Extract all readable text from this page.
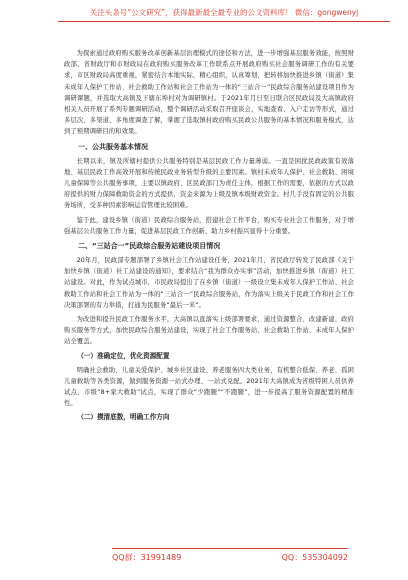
关注头条号“公文研究”，获得最新最全最专业的公文资料库！ 微信：gongwenyj

为探索通过政府购买服务改革创新基层治理模式的途径和方法，进一步增强基层服务效能，按照财政部、省财政厅和市财政局在政府购买服务改革工作联系点开展政府购买社会服务调研工作的有关要求，市区财政局高度重视，紧密结合本地实际，精心组织，认真筹划，把转移加快推进乡镇（街道）集未成年人保护工作站、社会救助工作站和社会工作站为一体的“三站合一”民政综合服务站建设项目作为调研课题，并选取大高镇及下辖东埠村对为调研镇村。于2021年月日至日联合区民政局及大高镇政府相关人员开展了系列专题调研活动，整个调研活动采取召开座谈会、实地查看、入户走访等形式，通过多层次、多渠道、多角度调查了解，掌握了选取镇村政府购买民政公共服务的基本情况和服务模式，达到了预期调研目的和效果。

一、公共服务基本情况

长期以来，镇及所辖村提供公共服务特别是基层民政工作力量薄弱。一直是困扰民政政策有效落地、基层民政工作高效开展和传统民政业务转型升级的主要因素。镇村未成年人保护、社会救助、困境儿童保障等公共服务事项，主要以镇政府、区民政部门为责任主体，根据工作的需要，依据的方式以政府提供的财力保障救助资金的方式提供，资金来源为上级及镇本级财政资金。村几手没有固定的公共服务场所，受多种因素影响运营管理比较困难。

鉴于此，建设乡镇（街道）民政综合服务站，搭建社会工作平台，购买专业社会工作服务，对于增强基层公共服务工作力量，促进基层民政工作创新、助力乡村振兴显得十分重要。

二、“三站合一”民政综合服务站建设项目情况

20年月，民政部专题部署了乡镇社会工作站建设任务，2021年月，省民政厅转发了民政部《关于加快乡镇（街道）社工站建设的通知》，要求结合“我为群众办实事”活动，加快推进乡镇（街道）社工站建设。对此，作为试点城市，市民政局提出了在乡镇（街道）一级设立集未成年人保护工作站、社会救助工作站和社会工作站为一体的“三站合一”民政综合服务站，作为落实上级关于民政工作和社会工作决策部署的有力举措，打通为民服务“最后一米”。

为改进和提升民政工作服务水平，大高镇以直落实上级部署要求，通过资源整合、改建新建、政府购买服务等方式，加快民政综合服务站建设，实现了社会工作服务站、社会救助工作站、未成年人保护站全覆盖。

（一）准确定位，优化资源配置

明确社会救助、儿童关爱保护、城乡社区建设、养老服务四大类业务，有机整合低保、养老、孤困儿童救助等各类资源，做到服务资源一站式办理、一站式兑配。2021年大高镇成为省级特困人员供养试点、市级“8+家大救助”试点，实现了群众“少跑腿”“不跑腿”，进一步提高了服务资源配置的精准性。

（二）摸清底数，明确工作方向
QQ群：31991489	QQ：535304092
